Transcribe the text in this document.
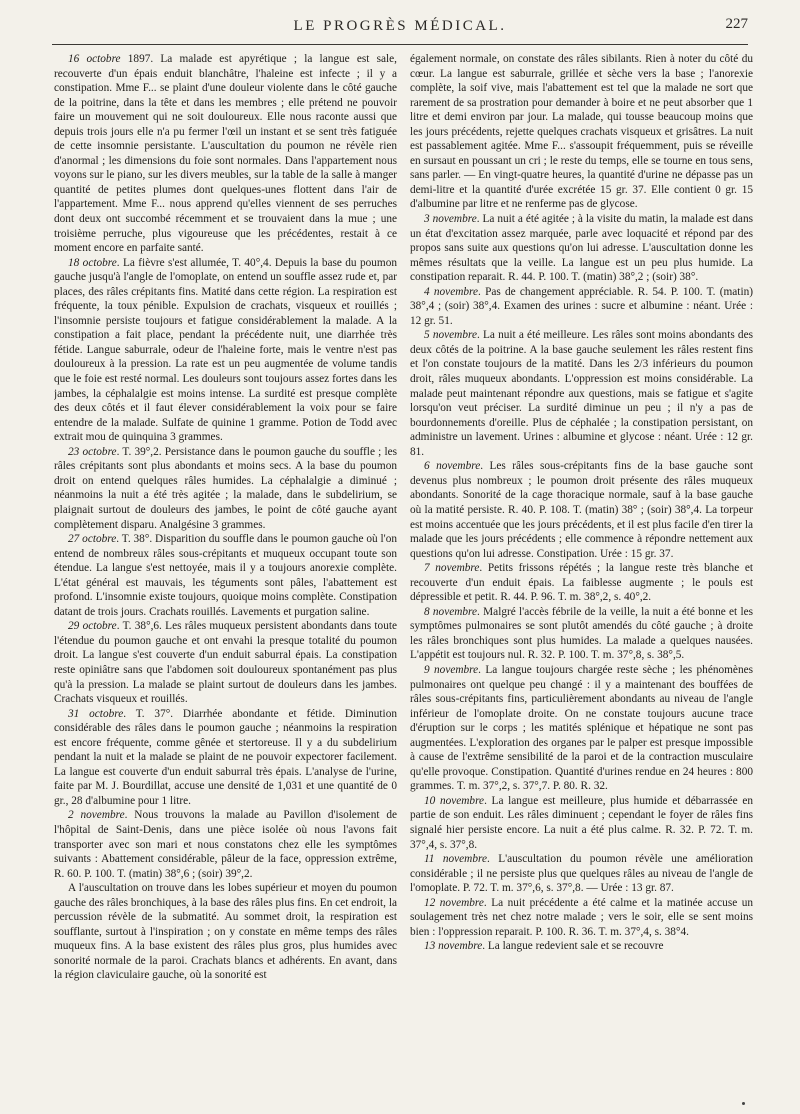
LE PROGRÈS MÉDICAL.	227

16 octobre 1897. La malade est apyrétique ; la langue est sale, recouverte d'un épais enduit blanchâtre, l'haleine est infecte ; il y a constipation. Mme F... se plaint d'une douleur violente dans le côté gauche de la poitrine, dans la tête et dans les membres ; elle prétend ne pouvoir faire un mouvement qui ne soit douloureux. Elle nous raconte aussi que depuis trois jours elle n'a pu fermer l'œil un instant et se sent très fatiguée de cette insomnie persistante. L'auscultation du poumon ne révèle rien d'anormal ; les dimensions du foie sont normales. Dans l'appartement nous voyons sur le piano, sur les divers meubles, sur la table de la salle à manger quantité de petites plumes dont quelques-unes flottent dans l'air de l'appartement. Mme F... nous apprend qu'elles viennent de ses perruches dont deux ont succombé récemment et se trouvaient dans la mue ; une troisième perruche, plus vigoureuse que les précédentes, restait à ce moment encore en parfaite santé.

18 octobre. La fièvre s'est allumée, T. 40°,4. Depuis la base du poumon gauche jusqu'à l'angle de l'omoplate, on entend un souffle assez rude et, par places, des râles crépitants fins. Matité dans cette région. La respiration est fréquente, la toux pénible. Expulsion de crachats, visqueux et rouillés ; l'insomnie persiste toujours et fatigue considérablement la malade. A la constipation a fait place, pendant la précédente nuit, une diarrhée très fétide. Langue saburrale, odeur de l'haleine forte, mais le ventre n'est pas douloureux à la pression. La rate est un peu augmentée de volume tandis que le foie est resté normal. Les douleurs sont toujours assez fortes dans les jambes, la céphalalgie est moins intense. La surdité est presque complète des deux côtés et il faut élever considérablement la voix pour se faire entendre de la malade. Sulfate de quinine 1 gramme. Potion de Todd avec extrait mou de quinquina 3 grammes.

23 octobre. T. 39°,2. Persistance dans le poumon gauche du souffle ; les râles crépitants sont plus abondants et moins secs. A la base du poumon droit on entend quelques râles humides. La céphalalgie a diminué ; néanmoins la nuit a été très agitée ; la malade, dans le subdelirium, se plaignait surtout de douleurs des jambes, le point de côté gauche ayant complètement disparu. Analgésine 3 grammes.

27 octobre. T. 38°. Disparition du souffle dans le poumon gauche où l'on entend de nombreux râles sous-crépitants et muqueux occupant toute son étendue. La langue s'est nettoyée, mais il y a toujours anorexie complète. L'état général est mauvais, les téguments sont pâles, l'abattement est profond. L'insomnie existe toujours, quoique moins complète. Constipation datant de trois jours. Crachats rouillés. Lavements et purgation saline.

29 octobre. T. 38°,6. Les râles muqueux persistent abondants dans toute l'étendue du poumon gauche et ont envahi la presque totalité du poumon droit. La langue s'est couverte d'un enduit saburral épais. La constipation reste opiniâtre sans que l'abdomen soit douloureux spontanément pas plus qu'à la pression. La malade se plaint surtout de douleurs dans les jambes. Crachats visqueux et rouillés.

31 octobre. T. 37°. Diarrhée abondante et fétide. Diminution considérable des râles dans le poumon gauche ; néanmoins la respiration est encore fréquente, comme gênée et stertoreuse. Il y a du subdelirium pendant la nuit et la malade se plaint de ne pouvoir expectorer facilement. La langue est couverte d'un enduit saburral très épais. L'analyse de l'urine, faite par M. J. Bourdillat, accuse une densité de 1,031 et une quantité de 0 gr., 28 d'albumine pour 1 litre.

2 novembre. Nous trouvons la malade au Pavillon d'isolement de l'hôpital de Saint-Denis, dans une pièce isolée où nous l'avons fait transporter avec son mari et nous constatons chez elle les symptômes suivants : Abattement considérable, pâleur de la face, oppression extrême, R. 60. P. 100. T. (matin) 38°,6 ; (soir) 39°,2.

A l'auscultation on trouve dans les lobes supérieur et moyen du poumon gauche des râles bronchiques, à la base des râles plus fins. En cet endroit, la percussion révèle de la submatité. Au sommet droit, la respiration est soufflante, surtout à l'inspiration ; on y constate en même temps des râles muqueux fins. A la base existent des râles plus gros, plus humides avec sonorité normale de la paroi. Crachats blancs et adhérents. En avant, dans la région claviculaire gauche, où la sonorité est

également normale, on constate des râles sibilants. Rien à noter du côté du cœur. La langue est saburrale, grillée et sèche vers la base ; l'anorexie complète, la soif vive, mais l'abattement est tel que la malade ne sort que rarement de sa prostration pour demander à boire et ne peut absorber que 1 litre et demi environ par jour. La malade, qui tousse beaucoup moins que les jours précédents, rejette quelques crachats visqueux et grisâtres. La nuit est passablement agitée. Mme F... s'assoupit fréquemment, puis se réveille en sursaut en poussant un cri ; le reste du temps, elle se tourne en tous sens, sans parler. — En vingt-quatre heures, la quantité d'urine ne dépasse pas un demi-litre et la quantité d'urée excrétée 15 gr. 37. Elle contient 0 gr. 15 d'albumine par litre et ne renferme pas de glycose.

3 novembre. La nuit a été agitée ; à la visite du matin, la malade est dans un état d'excitation assez marquée, parle avec loquacité et répond par des propos sans suite aux questions qu'on lui adresse. L'auscultation donne les mêmes résultats que la veille. La langue est un peu plus humide. La constipation reparait. R. 44. P. 100. T. (matin) 38°,2 ; (soir) 38°.

4 novembre. Pas de changement appréciable. R. 54. P. 100. T. (matin) 38°,4 ; (soir) 38°,4. Examen des urines : sucre et albumine : néant. Urée : 12 gr. 51.

5 novembre. La nuit a été meilleure. Les râles sont moins abondants des deux côtés de la poitrine. A la base gauche seulement les râles restent fins et l'on constate toujours de la matité. Dans les 2/3 inférieurs du poumon droit, râles muqueux abondants. L'oppression est moins considérable. La malade peut maintenant répondre aux questions, mais se fatigue et s'agite lorsqu'on veut préciser. La surdité diminue un peu ; il n'y a pas de bourdonnements d'oreille. Plus de céphalée ; la constipation persistant, on administre un lavement. Urines : albumine et glycose : néant. Urée : 12 gr. 81.

6 novembre. Les râles sous-crépitants fins de la base gauche sont devenus plus nombreux ; le poumon droit présente des râles muqueux abondants. Sonorité de la cage thoracique normale, sauf à la base gauche où la matité persiste. R. 40. P. 108. T. (matin) 38° ; (soir) 38°,4. La torpeur est moins accentuée que les jours précédents, et il est plus facile d'en tirer la malade que les jours précédents ; elle commence à répondre nettement aux questions qu'on lui adresse. Constipation. Urée : 15 gr. 37.

7 novembre. Petits frissons répétés ; la langue reste très blanche et recouverte d'un enduit épais. La faiblesse augmente ; le pouls est dépressible et petit. R. 44. P. 96. T. m. 38°,2, s. 40°,2.

8 novembre. Malgré l'accès fébrile de la veille, la nuit a été bonne et les symptômes pulmonaires se sont plutôt amendés du côté gauche ; à droite les râles bronchiques sont plus humides. La malade a quelques nausées. L'appétit est toujours nul. R. 32. P. 100. T. m. 37°,8, s. 38°,5.

9 novembre. La langue toujours chargée reste sèche ; les phénomènes pulmonaires ont quelque peu changé : il y a maintenant des bouffées de râles sous-crépitants fins, particulièrement abondants au niveau de l'angle inférieur de l'omoplate droite. On ne constate toujours aucune trace d'éruption sur le corps ; les matités splénique et hépatique ne sont pas augmentées. L'exploration des organes par le palper est presque impossible à cause de l'extrême sensibilité de la paroi et de la contraction musculaire qu'elle provoque. Constipation. Quantité d'urines rendue en 24 heures : 800 grammes. T. m. 37°,2, s. 37°,7. P. 80. R. 32.

10 novembre. La langue est meilleure, plus humide et débarrassée en partie de son enduit. Les râles diminuent ; cependant le foyer de râles fins signalé hier persiste encore. La nuit a été plus calme. R. 32. P. 72. T. m. 37°,4, s. 37°,8.

11 novembre. L'auscultation du poumon révèle une amélioration considérable ; il ne persiste plus que quelques râles au niveau de l'angle de l'omoplate. P. 72. T. m. 37°,6, s. 37°,8. — Urée : 13 gr. 87.

12 novembre. La nuit précédente a été calme et la matinée accuse un soulagement très net chez notre malade ; vers le soir, elle se sent moins bien : l'oppression reparait. P. 100. R. 36. T. m. 37°,4, s. 38°4.

13 novembre. La langue redevient sale et se recouvre
